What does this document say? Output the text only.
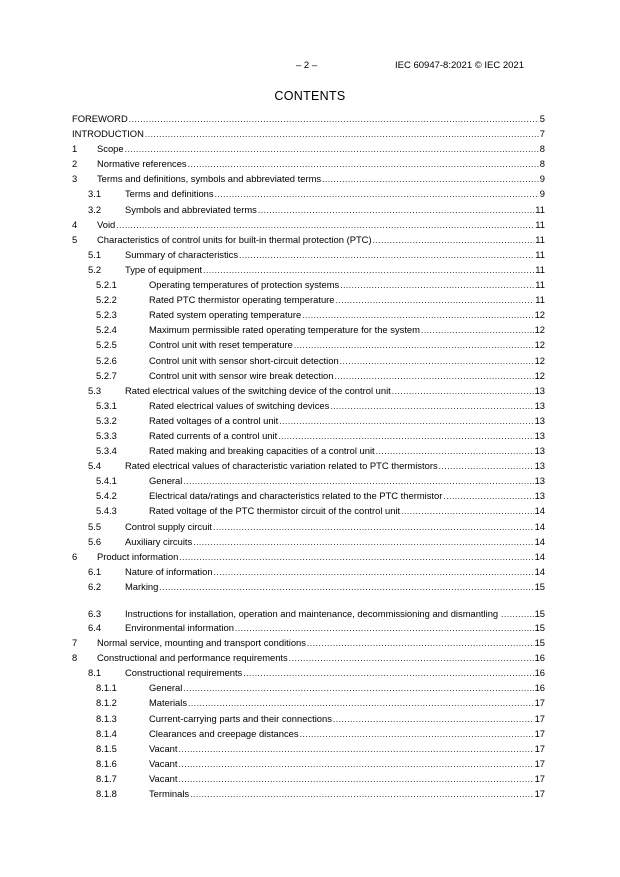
– 2 –	IEC 60947-8:2021 © IEC 2021
CONTENTS
FOREWORD .....	5
INTRODUCTION .....	7
1	Scope .....	8
2	Normative references .....	8
3	Terms and definitions, symbols and abbreviated terms .....	9
3.1	Terms and definitions .....	9
3.2	Symbols and abbreviated terms .....	11
4	Void .....	11
5	Characteristics of control units for built-in thermal protection (PTC) .....	11
5.1	Summary of characteristics .....	11
5.2	Type of equipment .....	11
5.2.1	Operating temperatures of protection systems .....	11
5.2.2	Rated PTC thermistor operating temperature .....	11
5.2.3	Rated system operating temperature .....	12
5.2.4	Maximum permissible rated operating temperature for the system .....	12
5.2.5	Control unit with reset temperature .....	12
5.2.6	Control unit with sensor short-circuit detection .....	12
5.2.7	Control unit with sensor wire break detection .....	12
5.3	Rated electrical values of the switching device of the control unit .....	13
5.3.1	Rated electrical values of switching devices .....	13
5.3.2	Rated voltages of a control unit .....	13
5.3.3	Rated currents of a control unit .....	13
5.3.4	Rated making and breaking capacities of a control unit .....	13
5.4	Rated electrical values of characteristic variation related to PTC thermistors .....	13
5.4.1	General .....	13
5.4.2	Electrical data/ratings and characteristics related to the PTC thermistor .....	13
5.4.3	Rated voltage of the PTC thermistor circuit of the control unit .....	14
5.5	Control supply circuit .....	14
5.6	Auxiliary circuits .....	14
6	Product information .....	14
6.1	Nature of information .....	14
6.2	Marking .....	15
6.3	Instructions for installation, operation and maintenance, decommissioning and dismantling .....	15
6.4	Environmental information .....	15
7	Normal service, mounting and transport conditions .....	15
8	Constructional and performance requirements .....	16
8.1	Constructional requirements .....	16
8.1.1	General .....	16
8.1.2	Materials .....	17
8.1.3	Current-carrying parts and their connections .....	17
8.1.4	Clearances and creepage distances .....	17
8.1.5	Vacant .....	17
8.1.6	Vacant .....	17
8.1.7	Vacant .....	17
8.1.8	Terminals .....	17
